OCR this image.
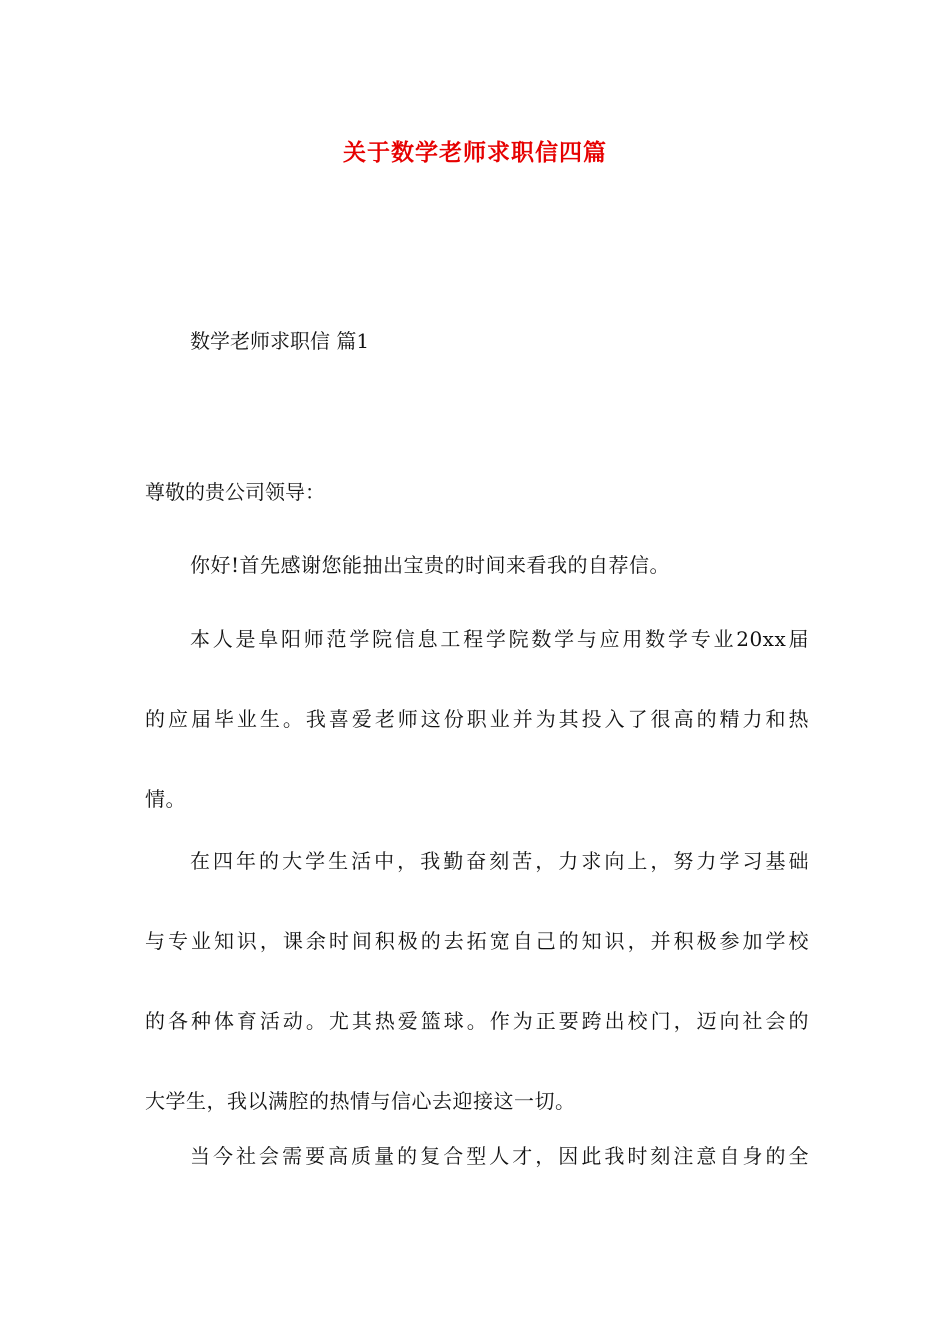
关于数学老师求职信四篇
数学老师求职信 篇1
尊敬的贵公司领导：
你好!首先感谢您能抽出宝贵的时间来看我的自荐信。
本人是阜阳师范学院信息工程学院数学与应用数学专业20xx届
的应届毕业生。我喜爱老师这份职业并为其投入了很高的精力和热
情。
在四年的大学生活中，我勤奋刻苦，力求向上，努力学习基础
与专业知识，课余时间积极的去拓宽自己的知识，并积极参加学校
的各种体育活动。尤其热爱篮球。作为正要跨出校门，迈向社会的
大学生，我以满腔的热情与信心去迎接这一切。
当今社会需要高质量的复合型人才，因此我时刻注意自身的全
